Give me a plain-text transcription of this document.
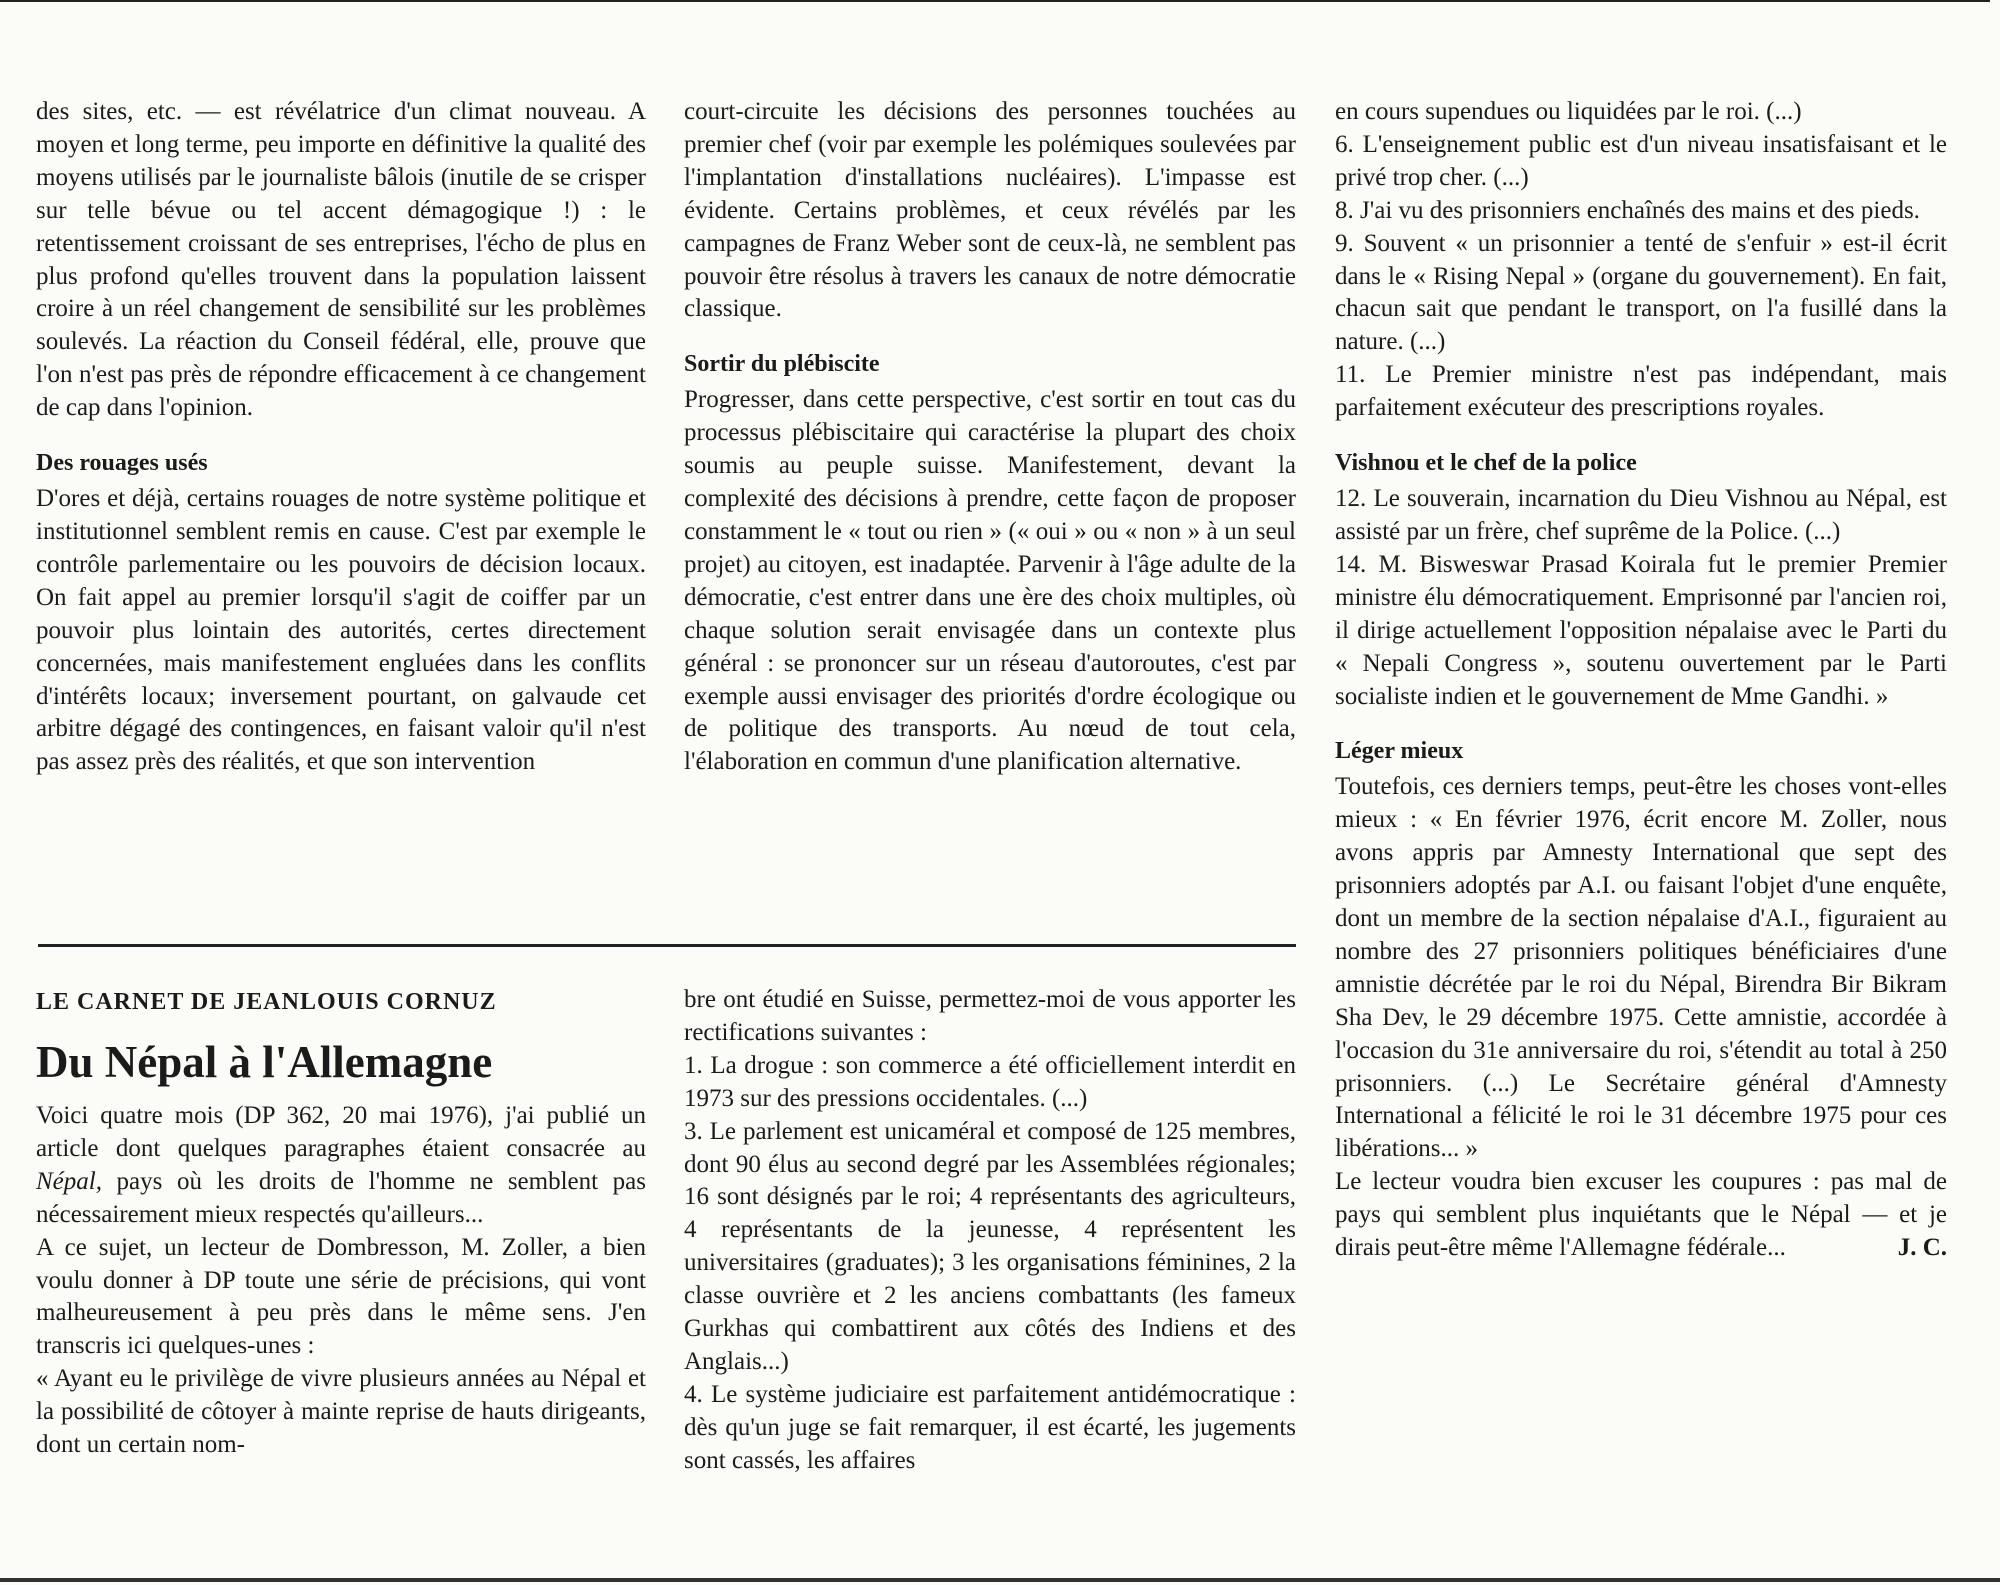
des sites, etc. — est révélatrice d'un climat nouveau. A moyen et long terme, peu importe en définitive la qualité des moyens utilisés par le journaliste bâlois (inutile de se crisper sur telle bévue ou tel accent démagogique !) : le retentissement croissant de ses entreprises, l'écho de plus en plus profond qu'elles trouvent dans la population laissent croire à un réel changement de sensibilité sur les problèmes soulevés. La réaction du Conseil fédéral, elle, prouve que l'on n'est pas près de répondre efficacement à ce changement de cap dans l'opinion.

Des rouages usés

D'ores et déjà, certains rouages de notre système politique et institutionnel semblent remis en cause. C'est par exemple le contrôle parlementaire ou les pouvoirs de décision locaux. On fait appel au premier lorsqu'il s'agit de coiffer par un pouvoir plus lointain des autorités, certes directement concernées, mais manifestement engluées dans les conflits d'intérêts locaux; inversement pourtant, on galvaude cet arbitre dégagé des contingences, en faisant valoir qu'il n'est pas assez près des réalités, et que son intervention

court-circuite les décisions des personnes touchées au premier chef (voir par exemple les polémiques soulevées par l'implantation d'installations nucléaires). L'impasse est évidente. Certains problèmes, et ceux révélés par les campagnes de Franz Weber sont de ceux-là, ne semblent pas pouvoir être résolus à travers les canaux de notre démocratie classique.

Sortir du plébiscite

Progresser, dans cette perspective, c'est sortir en tout cas du processus plébiscitaire qui caractérise la plupart des choix soumis au peuple suisse. Manifestement, devant la complexité des décisions à prendre, cette façon de proposer constamment le « tout ou rien » (« oui » ou « non » à un seul projet) au citoyen, est inadaptée. Parvenir à l'âge adulte de la démocratie, c'est entrer dans une ère des choix multiples, où chaque solution serait envisagée dans un contexte plus général : se prononcer sur un réseau d'autoroutes, c'est par exemple aussi envisager des priorités d'ordre écologique ou de politique des transports. Au nœud de tout cela, l'élaboration en commun d'une planification alternative.

LE CARNET DE JEANLOUIS CORNUZ
Du Népal à l'Allemagne

Voici quatre mois (DP 362, 20 mai 1976), j'ai publié un article dont quelques paragraphes étaient consacrée au Népal, pays où les droits de l'homme ne semblent pas nécessairement mieux respectés qu'ailleurs...

A ce sujet, un lecteur de Dombresson, M. Zoller, a bien voulu donner à DP toute une série de précisions, qui vont malheureusement à peu près dans le même sens. J'en transcris ici quelques-unes :

« Ayant eu le privilège de vivre plusieurs années au Népal et la possibilité de côtoyer à mainte reprise de hauts dirigeants, dont un certain nom-

bre ont étudié en Suisse, permettez-moi de vous apporter les rectifications suivantes :

1. La drogue : son commerce a été officiellement interdit en 1973 sur des pressions occidentales. (...)

3. Le parlement est unicaméral et composé de 125 membres, dont 90 élus au second degré par les Assemblées régionales; 16 sont désignés par le roi; 4 représentants des agriculteurs, 4 représentants de la jeunesse, 4 représentent les universitaires (graduates); 3 les organisations féminines, 2 la classe ouvrière et 2 les anciens combattants (les fameux Gurkhas qui combattirent aux côtés des Indiens et des Anglais...)

4. Le système judiciaire est parfaitement antidémocratique : dès qu'un juge se fait remarquer, il est écarté, les jugements sont cassés, les affaires

en cours supendues ou liquidées par le roi. (...)

6. L'enseignement public est d'un niveau insatisfaisant et le privé trop cher. (...)

8. J'ai vu des prisonniers enchaînés des mains et des pieds.

9. Souvent « un prisonnier a tenté de s'enfuir » est-il écrit dans le « Rising Nepal » (organe du gouvernement). En fait, chacun sait que pendant le transport, on l'a fusillé dans la nature. (...)

11. Le Premier ministre n'est pas indépendant, mais parfaitement exécuteur des prescriptions royales.

Vishnou et le chef de la police

12. Le souverain, incarnation du Dieu Vishnou au Népal, est assisté par un frère, chef suprême de la Police. (...)

14. M. Bisweswar Prasad Koirala fut le premier Premier ministre élu démocratiquement. Emprisonné par l'ancien roi, il dirige actuellement l'opposition népalaise avec le Parti du « Nepali Congress », soutenu ouvertement par le Parti socialiste indien et le gouvernement de Mme Gandhi. »

Léger mieux

Toutefois, ces derniers temps, peut-être les choses vont-elles mieux : « En février 1976, écrit encore M. Zoller, nous avons appris par Amnesty International que sept des prisonniers adoptés par A.I. ou faisant l'objet d'une enquête, dont un membre de la section népalaise d'A.I., figuraient au nombre des 27 prisonniers politiques bénéficiaires d'une amnistie décrétée par le roi du Népal, Birendra Bir Bikram Sha Dev, le 29 décembre 1975. Cette amnistie, accordée à l'occasion du 31e anniversaire du roi, s'étendit au total à 250 prisonniers. (...) Le Secrétaire général d'Amnesty International a félicité le roi le 31 décembre 1975 pour ces libérations... »

Le lecteur voudra bien excuser les coupures : pas mal de pays qui semblent plus inquiétants que le Népal — et je dirais peut-être même l'Allemagne fédérale...	J. C.
